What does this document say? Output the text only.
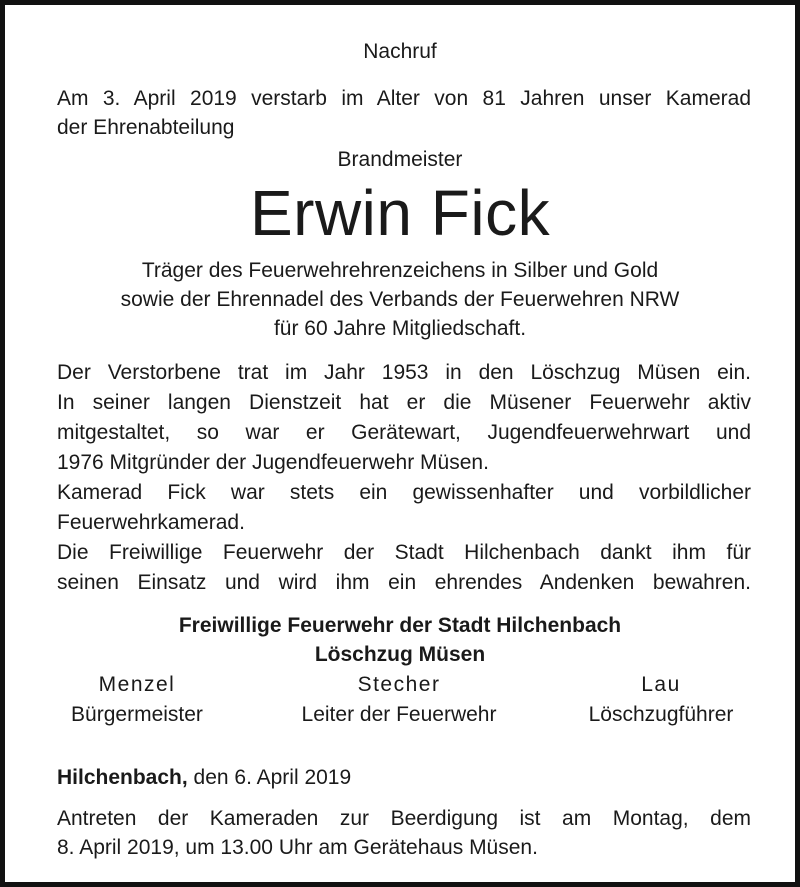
Nachruf

Am 3. April 2019 verstarb im Alter von 81 Jahren unser Kamerad

der Ehrenabteilung

Brandmeister

Erwin Fick

Träger des Feuerwehrehrenzeichens in Silber und Gold

sowie der Ehrennadel des Verbands der Feuerwehren NRW

für 60 Jahre Mitgliedschaft.

Der Verstorbene trat im Jahr 1953 in den Löschzug Müsen ein.

In seiner langen Dienstzeit hat er die Müsener Feuerwehr aktiv

mitgestaltet, so war er Gerätewart, Jugendfeuerwehrwart und

1976 Mitgründer der Jugendfeuerwehr Müsen.

Kamerad Fick war stets ein gewissenhafter und vorbildlicher

Feuerwehrkamerad.

Die Freiwillige Feuerwehr der Stadt Hilchenbach dankt ihm für

seinen Einsatz und wird ihm ein ehrendes Andenken bewahren.

Freiwillige Feuerwehr der Stadt Hilchenbach

Löschzug Müsen

Menzel
Bürgermeister
Stecher
Leiter der Feuerwehr
Lau
Löschzugführer

Hilchenbach, den 6. April 2019

Antreten der Kameraden zur Beerdigung ist am Montag, dem

8. April 2019, um 13.00 Uhr am Gerätehaus Müsen.
